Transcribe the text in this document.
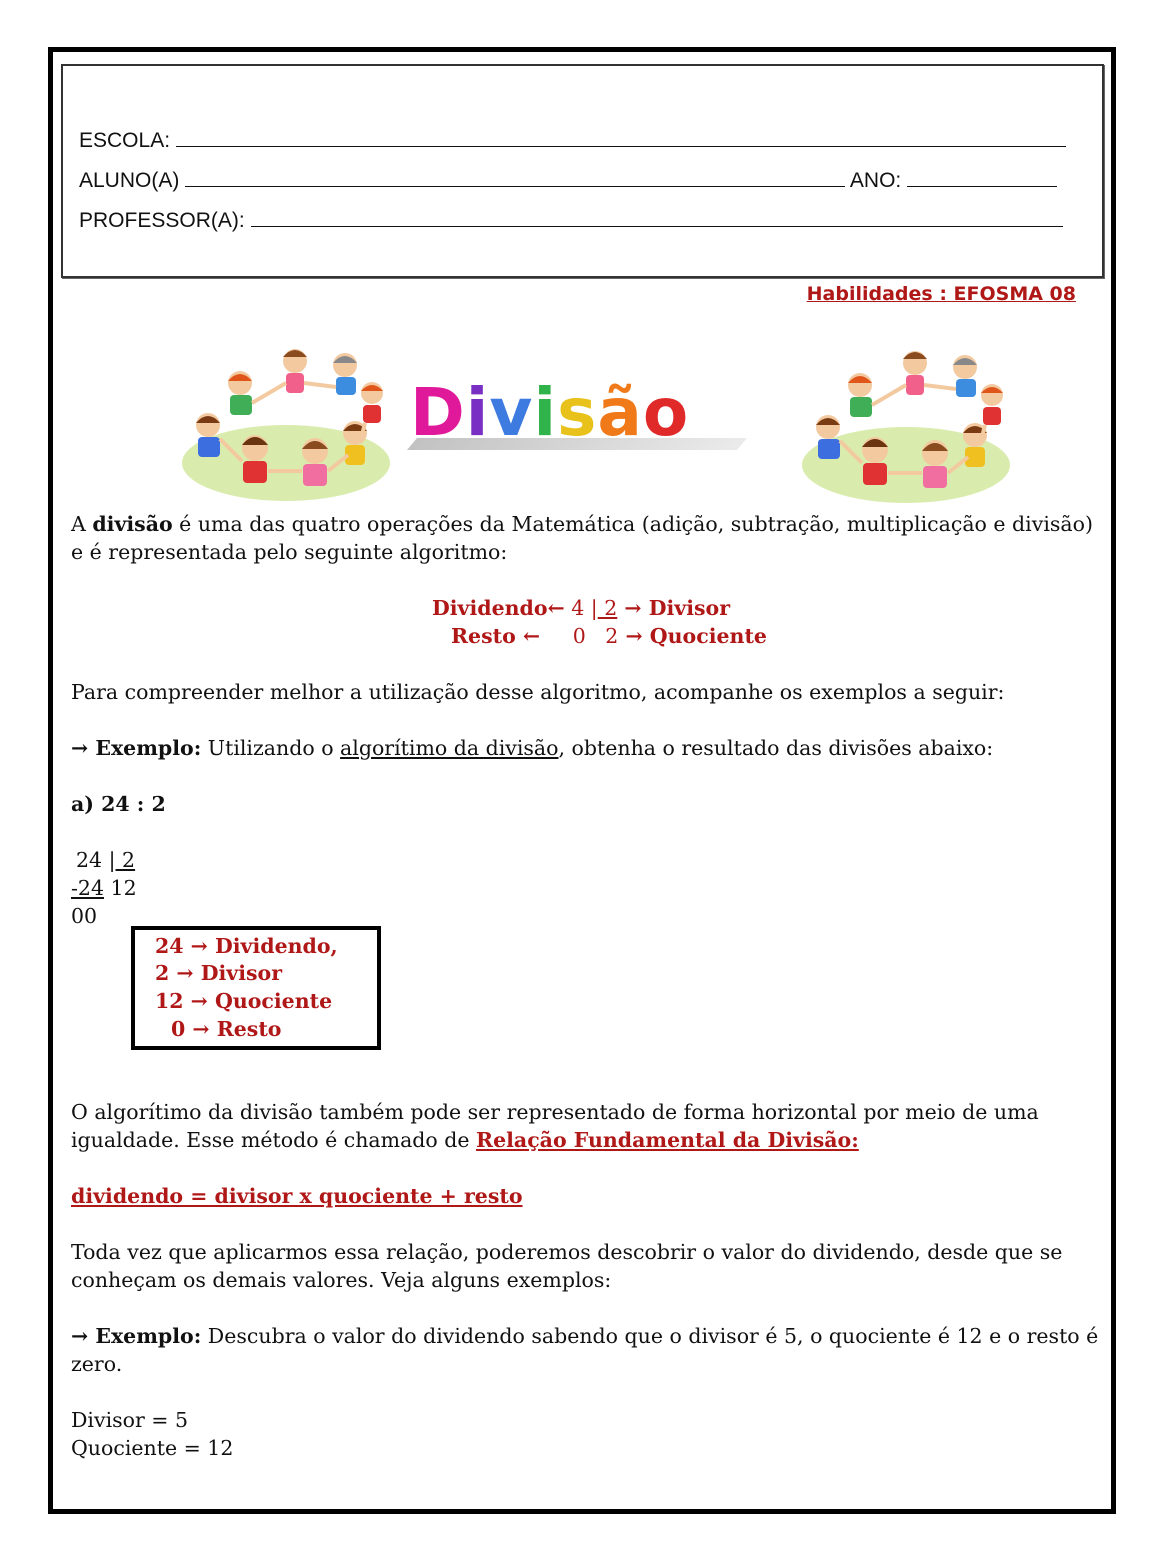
ESCOLA:
ALUNO(A)	ANO:
PROFESSOR(A):
Habilidades : EFOSMA 08
Divisão
A divisão é uma das quatro operações da Matemática (adição, subtração, multiplicação e divisão)
e é representada pelo seguinte algoritmo:
Dividendo← 4 | 2 → Divisor
Resto ← 0 2 → Quociente
Para compreender melhor a utilização desse algoritmo, acompanhe os exemplos a seguir:
→ Exemplo: Utilizando o algorítimo da divisão, obtenha o resultado das divisões abaixo:
a) 24 : 2
24 | 2
-24 12
00
24 → Dividendo,
2 → Divisor
12 → Quociente
0 → Resto
O algorítimo da divisão também pode ser representado de forma horizontal por meio de uma
igualdade. Esse método é chamado de Relação Fundamental da Divisão:
dividendo = divisor x quociente + resto
Toda vez que aplicarmos essa relação, poderemos descobrir o valor do dividendo, desde que se
conheçam os demais valores. Veja alguns exemplos:
→ Exemplo: Descubra o valor do dividendo sabendo que o divisor é 5, o quociente é 12 e o resto é
zero.
Divisor = 5
Quociente = 12
